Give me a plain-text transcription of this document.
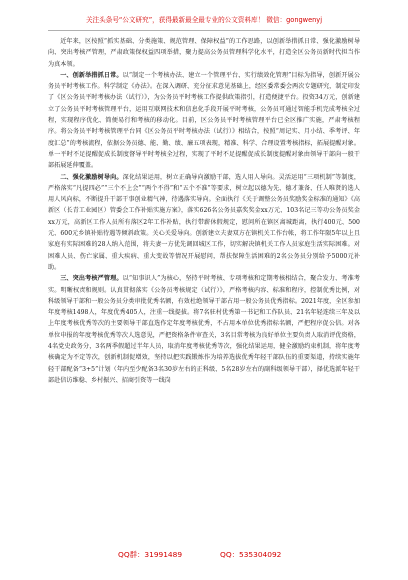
关注头条号“公文研究”，获得最新最全最专业的公文资料库！ 微信：gongwenyj

近年来，区按照“抓实基础、分类施策、规范管理、保障权益”的工作思路，以创新举措抓日常、强化激励树导向、突出考核严管理，严肃政策保权益四项举措，聚力提高公务员管理科学化水平，打造全区公务员新时代担当作为真本领。

一、创新举措抓日常。以“制定一个考核办法、建立一个管理平台、实行绩效化管理”目标为指导，创新开展公务员平时考核工作。科学制定《办法》。在深入调研、充分征求意见基础上，经区委常委会两次专题研究，制定印发了《区公务员平时考核办法（试行）》，为公务员平时考核工作提供政策指引，打造便捷平台。投资34万元，创新建立了公务员平时考核管理平台，运用互联网技术和信息化手段开展平时考核，公务员可通过智能手机完成考核全过程，实现程序优化、简便易行和考核的移动化。目前，区公务员平时考核管理平台已全区推广实施，严肃考核程序。将公务员平时考核管理平台同《区公务员平时考核办法（试行）》相结合，按照“周记实、月小结、季考评、年度汇总”的考核流程，依据公务员德、能、勤、绩、廉五项表现，精准、科学、合理设置考核指标，拓展提醒对象。单一平时不足提醒促成长制度督导平时考核全过程，实现了平时不足提醒促成长制度提醒对象由领导干部向一般干部拓展延伸覆盖。

二、强化激励树导向。深化结果运用，树立正确导向激励干部，选人用人导向。灵活运用“三项机制”等制度，严格落实“凡提四必”“三个不上会”“两个不得”和“五个不准”等要求，树立起以德为先、德才兼备、任人唯贤的选人用人风向标，不断提升干部干事创业精气神，待遇落实导向。全面执行《关于调整公务员奖励奖金标准的通知》《高新区（长青工业园区）管委会工作补贴实施方案》，落实626名公务员嘉奖奖金xx万元、103名记三等功公务员奖金xx万元，高新区工作人员所有落区2年工作补贴，执行带薪休假规定，慰问所在镇区离城距离，执行400元、500元、600元乡镇补贴待遇等倾斜政策。关心关爱导向。创新建立夫妻双方在镇机关工作台帐，将工作年限5年以上且家庭有实际困难的28人纳入范围，将夫妻一方优先调回城区工作，切实解决镇机关工作人员家庭生活实际困难。对困难人员、伤亡家属、重大疾病、重大变故等情况开展慰问，帮扶保障生活困难的2名公务员分别给予5000元补助。

三、突出考核严管理。以“知事识人”为核心，坚持平时考核、专项考核和定期考核相结合，聚合发力、考准考实。明晰权责和规则。认真贯彻落实《公务员考核规定（试行）》，严格考核内容、标准和程序，控制优秀比例，对科级领导干部和一般公务员分类审批优秀名额，有效杜绝领导干部占用一般公务员优秀指标。2021年度，全区参加年度考核1498人，年度优秀405人，注重一线提拔。将7名驻村优秀第一书记和工作队员、21名年轻连续三年及以上年度考核优秀等次的主要领导干部直选作定年度考核优秀，不占用本单位优秀指标名额，严把程序促公信。对各单位申报的年度考核优秀等次人选意见，严把资格条件审查关，3名目常考核为良好单位主要负责人取消评优资格，4名党史政务分，3名两季假超过半年人员，取消年度考核优秀等次，强化结果运用，健全激励约束机制，将年度考核确定为不定等次，创新机制促增效，坚持以把实践锻炼作为培养选拔优秀年轻干部队伍的重要渠道，持续实施年轻干部配备“3+5”计划（年内至少配备3名30岁左右的正科级、5名28岁左右的副科级领导干部），择优选派年轻干部赴信访维稳、乡村振兴、招商引资等一线岗

QQ群：31991489	QQ：535304092
